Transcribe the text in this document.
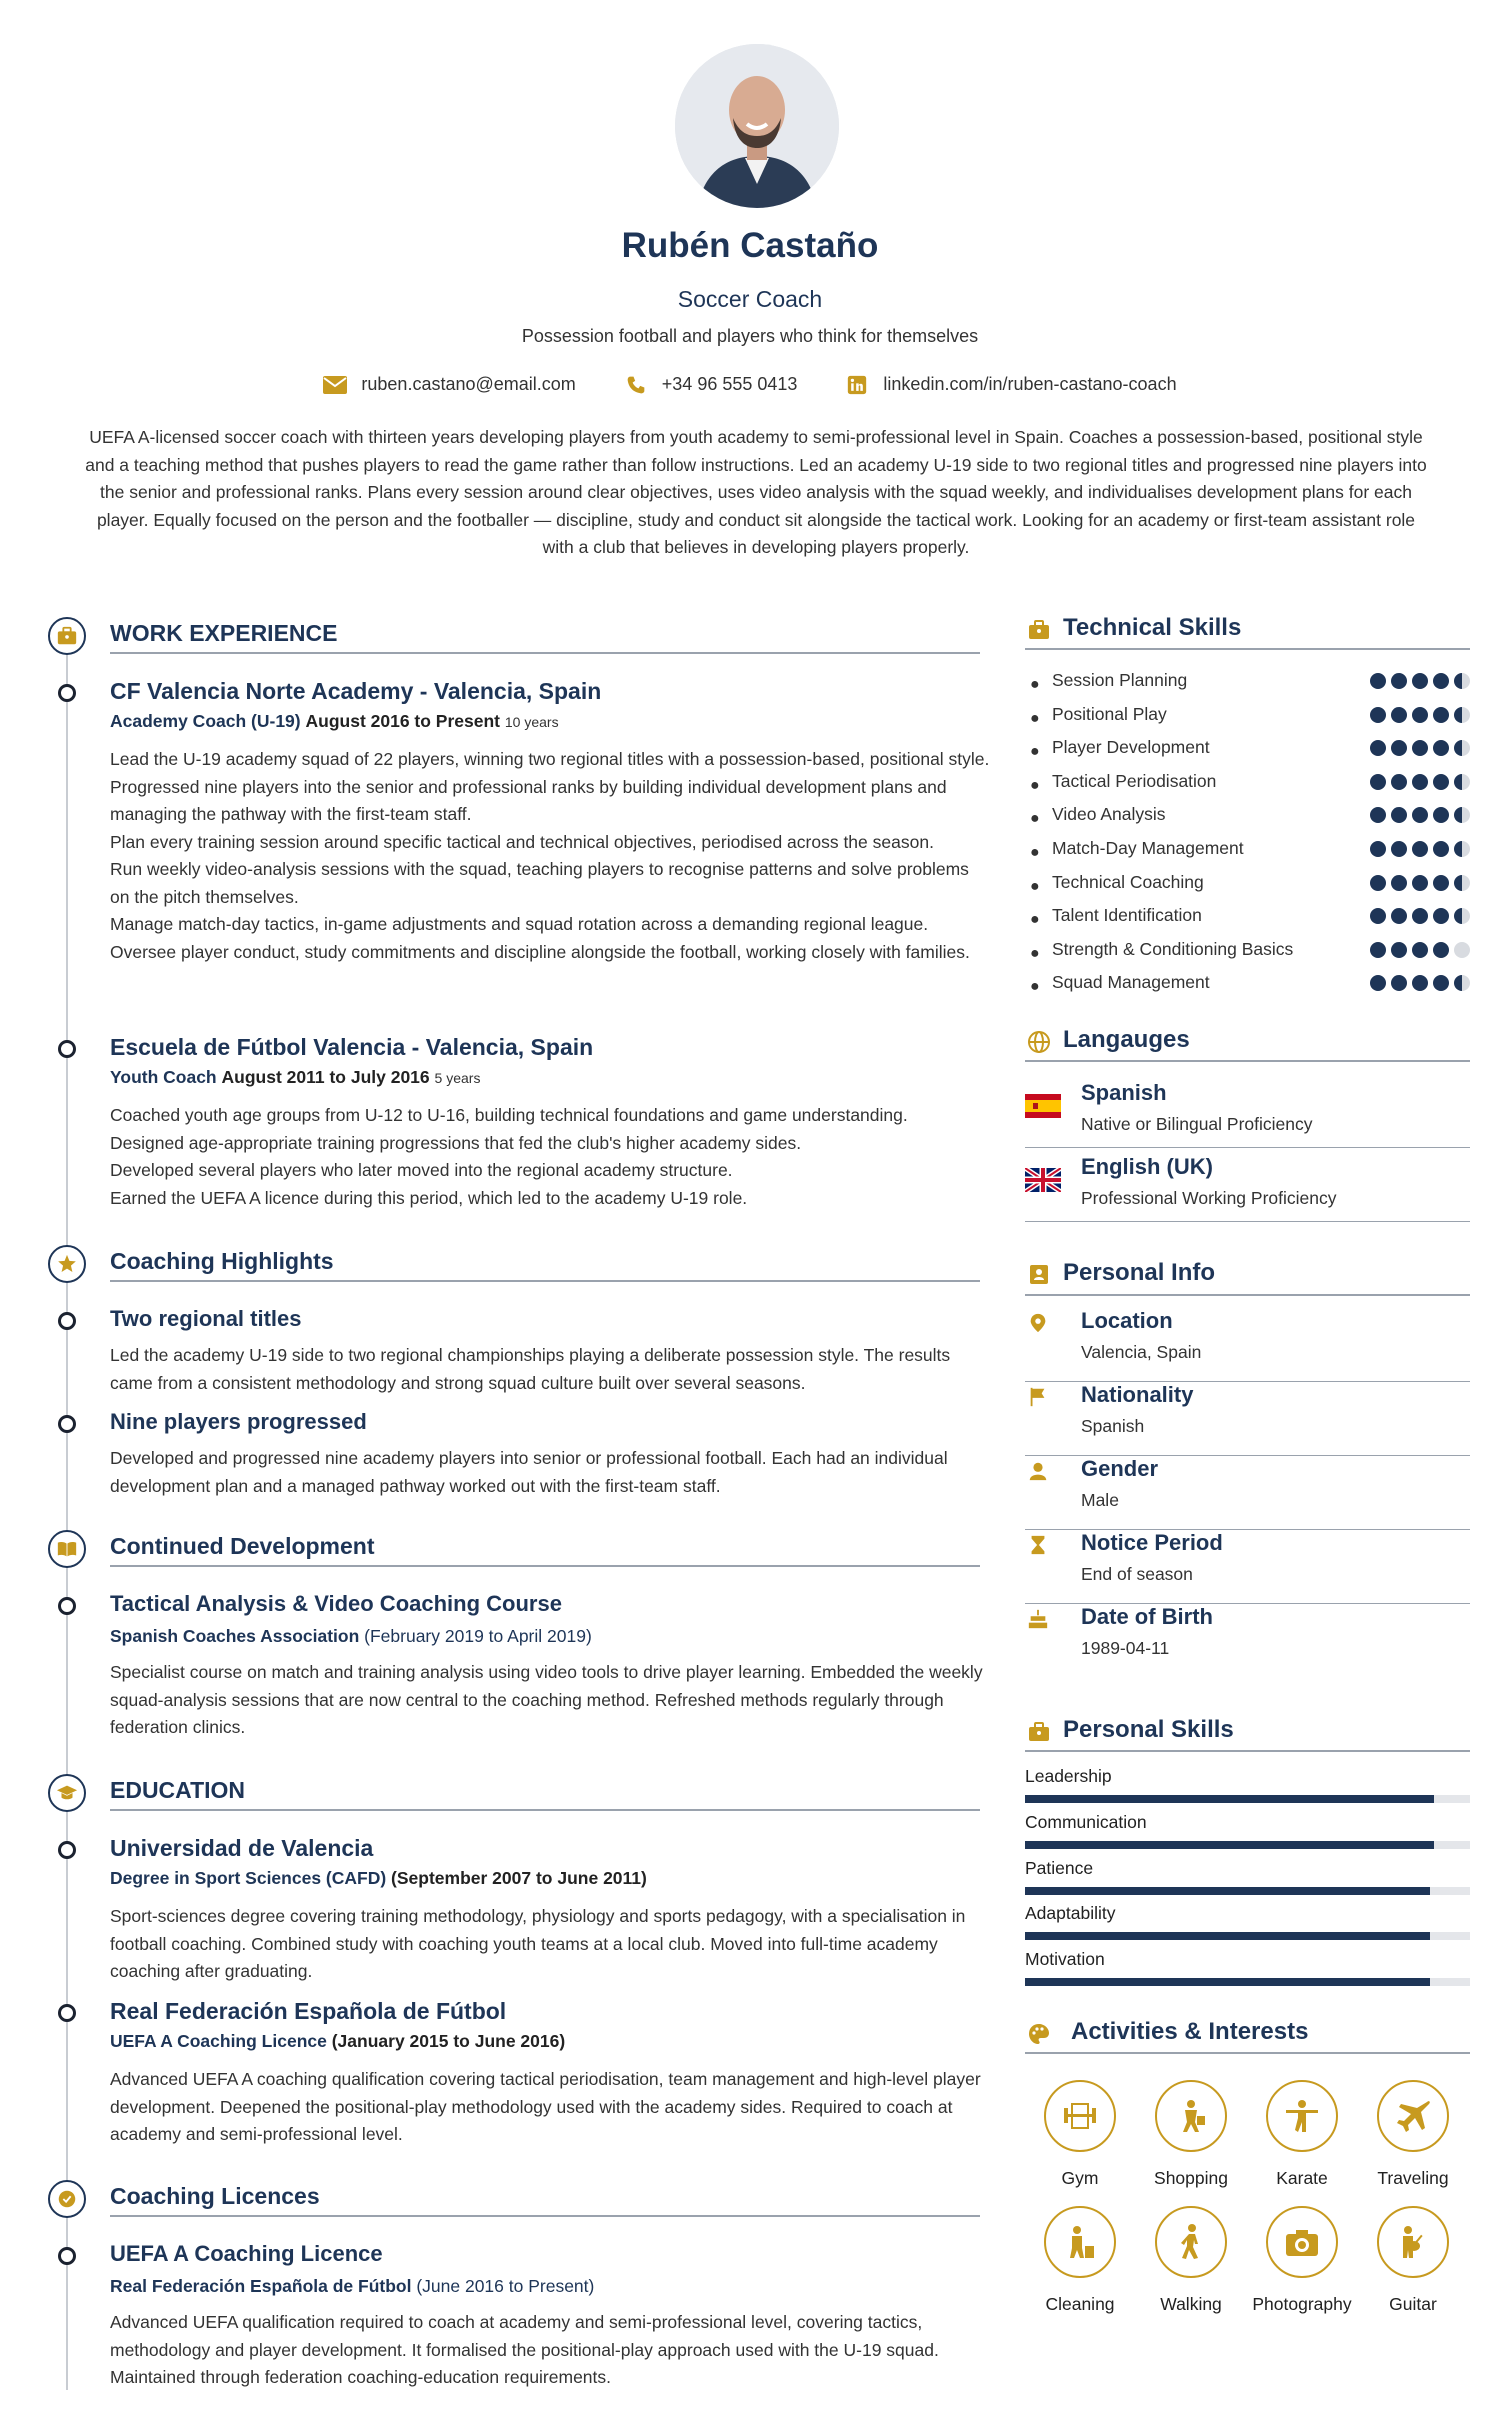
Rubén Castaño
Soccer Coach
Possession football and players who think for themselves
ruben.castano@email.com	+34 96 555 0413	linkedin.com/in/ruben-castano-coach
UEFA A-licensed soccer coach with thirteen years developing players from youth academy to semi-professional level in Spain. Coaches a possession-based, positional style and a teaching method that pushes players to read the game rather than follow instructions. Led an academy U-19 side to two regional titles and progressed nine players into the senior and professional ranks. Plans every session around clear objectives, uses video analysis with the squad weekly, and individualises development plans for each player. Equally focused on the person and the footballer — discipline, study and conduct sit alongside the tactical work. Looking for an academy or first-team assistant role with a club that believes in developing players properly.
WORK EXPERIENCE
CF Valencia Norte Academy - Valencia, Spain
Academy Coach (U-19) August 2016 to Present 10 years

Lead the U-19 academy squad of 22 players, winning two regional titles with a possession-based, positional style.

Progressed nine players into the senior and professional ranks by building individual development plans and managing the pathway with the first-team staff.

Plan every training session around specific tactical and technical objectives, periodised across the season.

Run weekly video-analysis sessions with the squad, teaching players to recognise patterns and solve problems on the pitch themselves.

Manage match-day tactics, in-game adjustments and squad rotation across a demanding regional league.

Oversee player conduct, study commitments and discipline alongside the football, working closely with families.

Escuela de Fútbol Valencia - Valencia, Spain
Youth Coach August 2011 to July 2016 5 years

Coached youth age groups from U-12 to U-16, building technical foundations and game understanding.

Designed age-appropriate training progressions that fed the club's higher academy sides.

Developed several players who later moved into the regional academy structure.

Earned the UEFA A licence during this period, which led to the academy U-19 role.

Coaching Highlights
Two regional titles
Led the academy U-19 side to two regional championships playing a deliberate possession style. The results came from a consistent methodology and strong squad culture built over several seasons.
Nine players progressed
Developed and progressed nine academy players into senior or professional football. Each had an individual development plan and a managed pathway worked out with the first-team staff.
Continued Development
Tactical Analysis & Video Coaching Course
Spanish Coaches Association (February 2019 to April 2019)
Specialist course on match and training analysis using video tools to drive player learning. Embedded the weekly squad-analysis sessions that are now central to the coaching method. Refreshed methods regularly through federation clinics.
EDUCATION
Universidad de Valencia
Degree in Sport Sciences (CAFD) (September 2007 to June 2011)
Sport-sciences degree covering training methodology, physiology and sports pedagogy, with a specialisation in football coaching. Combined study with coaching youth teams at a local club. Moved into full-time academy coaching after graduating.
Real Federación Española de Fútbol
UEFA A Coaching Licence (January 2015 to June 2016)
Advanced UEFA A coaching qualification covering tactical periodisation, team management and high-level player development. Deepened the positional-play methodology used with the academy sides. Required to coach at academy and semi-professional level.
Coaching Licences
UEFA A Coaching Licence
Real Federación Española de Fútbol (June 2016 to Present)
Advanced UEFA qualification required to coach at academy and semi-professional level, covering tactics, methodology and player development. It formalised the positional-play approach used with the U-19 squad. Maintained through federation coaching-education requirements.
Technical Skills
● Session Planning
● Positional Play
● Player Development
● Tactical Periodisation
● Video Analysis
● Match-Day Management
● Technical Coaching
● Talent Identification
● Strength & Conditioning Basics
● Squad Management
Langauges
Spanish
Native or Bilingual Proficiency
English (UK)
Professional Working Proficiency
Personal Info
Location
Valencia, Spain
Nationality
Spanish
Gender
Male
Notice Period
End of season
Date of Birth
1989-04-11
Personal Skills
Leadership
Communication
Patience
Adaptability
Motivation
Activities & Interests
Gym	Shopping	Karate	Traveling
Cleaning	Walking	Photography	Guitar
